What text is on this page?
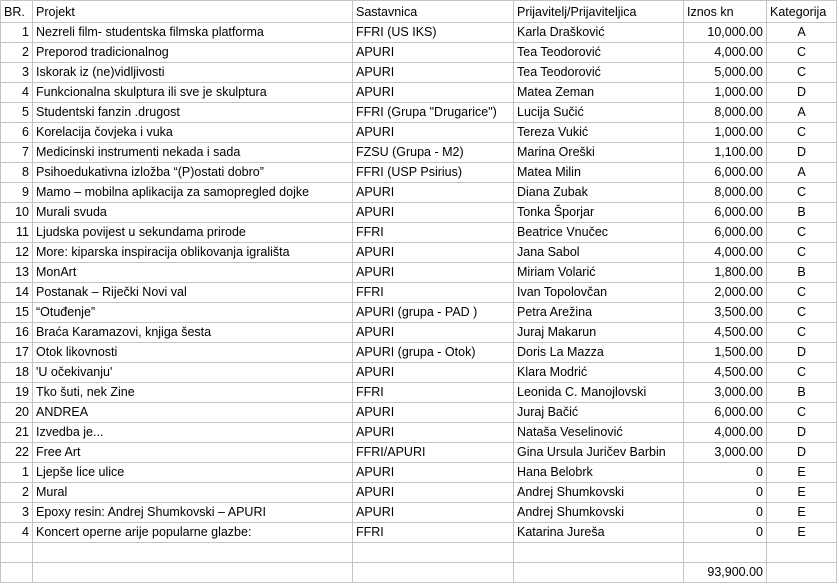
BR.	Projekt	Sastavnica	Prijavitelj/Prijaviteljica	Iznos kn	Kategorija
1	Nezreli film- studentska filmska platforma	FFRI (US IKS)	Karla Drašković	10,000.00	A
2	Preporod tradicionalnog	APURI	Tea Teodorović	4,000.00	C
3	Iskorak iz (ne)vidljivosti	APURI	Tea Teodorović	5,000.00	C
4	Funkcionalna skulptura ili sve je skulptura	APURI	Matea Zeman	1,000.00	D
5	Studentski fanzin .drugost	FFRI (Grupa "Drugarice")	Lucija Sučić	8,000.00	A
6	Korelacija čovjeka i vuka	APURI	Tereza Vukić	1,000.00	C
7	Medicinski instrumenti nekada i sada	FZSU (Grupa - M2)	Marina Oreški	1,100.00	D
8	Psihoedukativna izložba “(P)ostati dobro”	FFRI (USP Psirius)	Matea Milin	6,000.00	A
9	Mamo – mobilna aplikacija za samopregled dojke	APURI	Diana Zubak	8,000.00	C
10	Murali svuda	APURI	Tonka Šporjar	6,000.00	B
11	Ljudska povijest u sekundama prirode	FFRI	Beatrice Vnučec	6,000.00	C
12	More: kiparska inspiracija oblikovanja igrališta	APURI	Jana Sabol	4,000.00	C
13	MonArt	APURI	Miriam Volarić	1,800.00	B
14	Postanak – Riječki Novi val	FFRI	Ivan Topolovčan	2,000.00	C
15	“Otuđenje”	APURI (grupa - PAD )	Petra Arežina	3,500.00	C
16	Braća Karamazovi, knjiga šesta	APURI	Juraj Makarun	4,500.00	C
17	Otok likovnosti	APURI (grupa - Otok)	Doris La Mazza	1,500.00	D
18	'U očekivanju'	APURI	Klara Modrić	4,500.00	C
19	Tko šuti, nek Zine	FFRI	Leonida C. Manojlovski	3,000.00	B
20	ANDREA	APURI	Juraj Bačić	6,000.00	C
21	Izvedba je...	APURI	Nataša Veselinović	4,000.00	D
22	Free Art	FFRI/APURI	Gina Ursula Juričev Barbin	3,000.00	D
1	Ljepše lice ulice	APURI	Hana Belobrk	0	E
2	Mural	APURI	Andrej Shumkovski	0	E
3	Epoxy resin: Andrej Shumkovski – APURI	APURI	Andrej Shumkovski	0	E
4	Koncert operne arije popularne glazbe:	FFRI	Katarina Jureša	0	E

				93,900.00	
